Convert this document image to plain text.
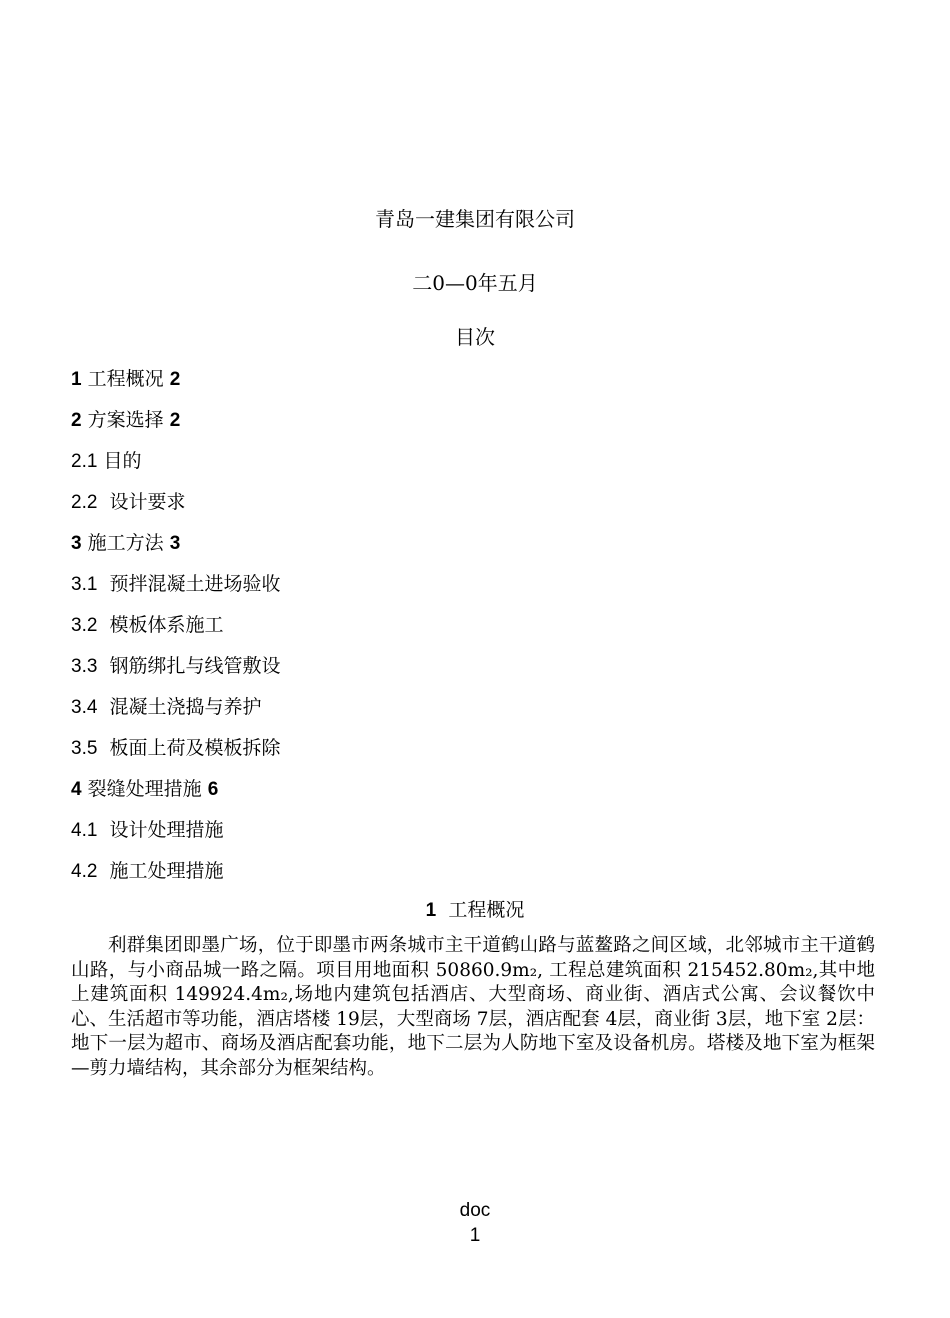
青岛一建集团有限公司
二0—0年五月
目次
1 工程概况 2
2 方案选择 2
2.1 目的
2.2 设计要求
3 施工方法 3
3.1 预拌混凝土进场验收
3.2 模板体系施工
3.3 钢筋绑扎与线管敷设
3.4 混凝土浇捣与养护
3.5 板面上荷及模板拆除
4 裂缝处理措施 6
4.1 设计处理措施
4.2 施工处理措施
1 工程概况
利群集团即墨广场，位于即墨市两条城市主干道鹤山路与蓝鳌路之间区域，北邻城市主干道鹤山路，与小商品城一路之隔。项目用地面积 50860.9m₂, 工程总建筑面积 215452.80m₂,其中地上建筑面积 149924.4m₂,场地内建筑包括酒店、大型商场、商业街、酒店式公寓、会议餐饮中心、生活超市等功能，酒店塔楼 19层，大型商场 7层，酒店配套 4层，商业街 3层，地下室 2层：地下一层为超市、商场及酒店配套功能，地下二层为人防地下室及设备机房。塔楼及地下室为框架—剪力墙结构，其余部分为框架结构。
doc
1
